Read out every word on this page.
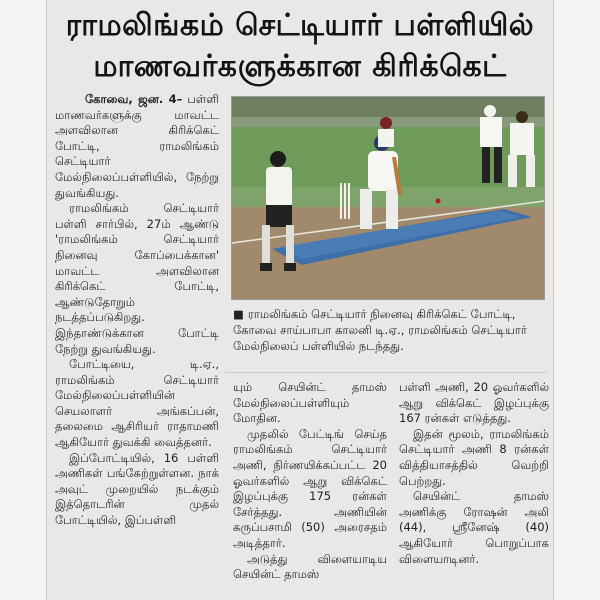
ராமலிங்கம் செட்டியார் பள்ளியில்
மாணவர்களுக்கான கிரிக்கெட்

கோவை, ஜன. 4– பள்ளி மாணவர்களுக்கு மாவட்ட அளவிலான கிரிக்கெட் போட்டி, ராமலிங்கம் செட்டியார் மேல்நிலைப்பள்ளியில், நேற்று துவங்கியது.

ராமலிங்கம் செட்டியார் பள்ளி சார்பில், 27ம் ஆண்டு 'ராமலிங்கம் செட்டியார் நினைவு கோப்பைக்கான' மாவட்ட அளவிலான கிரிக்கெட் போட்டி, ஆண்டுதோறும் நடத்தப்படுகிறது. இந்தாண்டுக்கான போட்டி நேற்று துவங்கியது.

போட்டியை, டி.ஏ., ராமலிங்கம் செட்டியார் மேல்நிலைப்பள்ளியின் செயலாளர் அங்கப்பன், தலைமை ஆசிரியர் ராதாமணி ஆகியோர் துவக்கி வைத்தனர்.

இப்போட்டியில், 16 பள்ளி அணிகள் பங்கேற்றுள்ளன. நாக் அவுட் முறையில் நடக்கும் இத்தொடரின் முதல் போட்டியில், இப்பள்ளி

■ ராமலிங்கம் செட்டியார் நினைவு கிரிக்கெட் போட்டி, கோவை சாய்பாபா காலனி டி.ஏ., ராமலிங்கம் செட்டியார் மேல்நிலைப் பள்ளியில் நடந்தது.

யும் செயின்ட் தாமஸ் மேல்நிலைப்பள்ளியும் மோதின.

முதலில் பேட்டிங் செய்த ராமலிங்கம் செட்டியார் அணி, நிர்ணயிக்கப்பட்ட 20 ஓவர்களில் ஆறு விக்கெட் இழப்புக்கு 175 ரன்கள் சேர்த்தது. அணியின் கருப்பசாமி (50) அரைசதம் அடித்தார்.

அடுத்து விளையாடிய செயின்ட் தாமஸ்

பள்ளி அணி, 20 ஓவர்களில் ஆறு விக்கெட் இழப்புக்கு 167 ரன்கள் எடுத்தது.

இதன் மூலம், ராமலிங்கம் செட்டியார் அணி 8 ரன்கள் வித்தியாசத்தில் வெற்றி பெற்றது.

செயின்ட் தாமஸ் அணிக்கு ரோஷன் அலி (44), ஸ்ரீனேஷ் (40) ஆகியோர் பொறுப்பாக விளையாடினர்.
